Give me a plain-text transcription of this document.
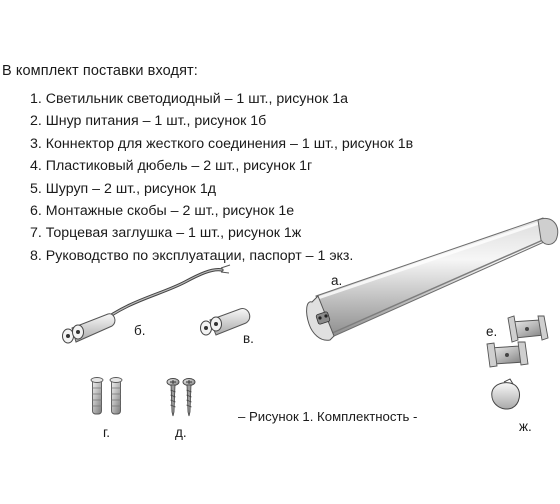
В комплект поставки входят:
1. Светильник светодиодный – 1 шт., рисунок 1а
2. Шнур питания – 1 шт., рисунок 1б
3. Коннектор для жесткого соединения – 1 шт., рисунок 1в
4. Пластиковый дюбель – 2 шт., рисунок 1г
5. Шуруп – 2 шт., рисунок 1д
6. Монтажные скобы – 2 шт., рисунок 1е
7. Торцевая заглушка – 1 шт., рисунок 1ж
8. Руководство по эксплуатации, паспорт – 1 экз.
а.
б.
в.
г.	д.
е.
ж.
– Рисунок 1. Комплектность -
